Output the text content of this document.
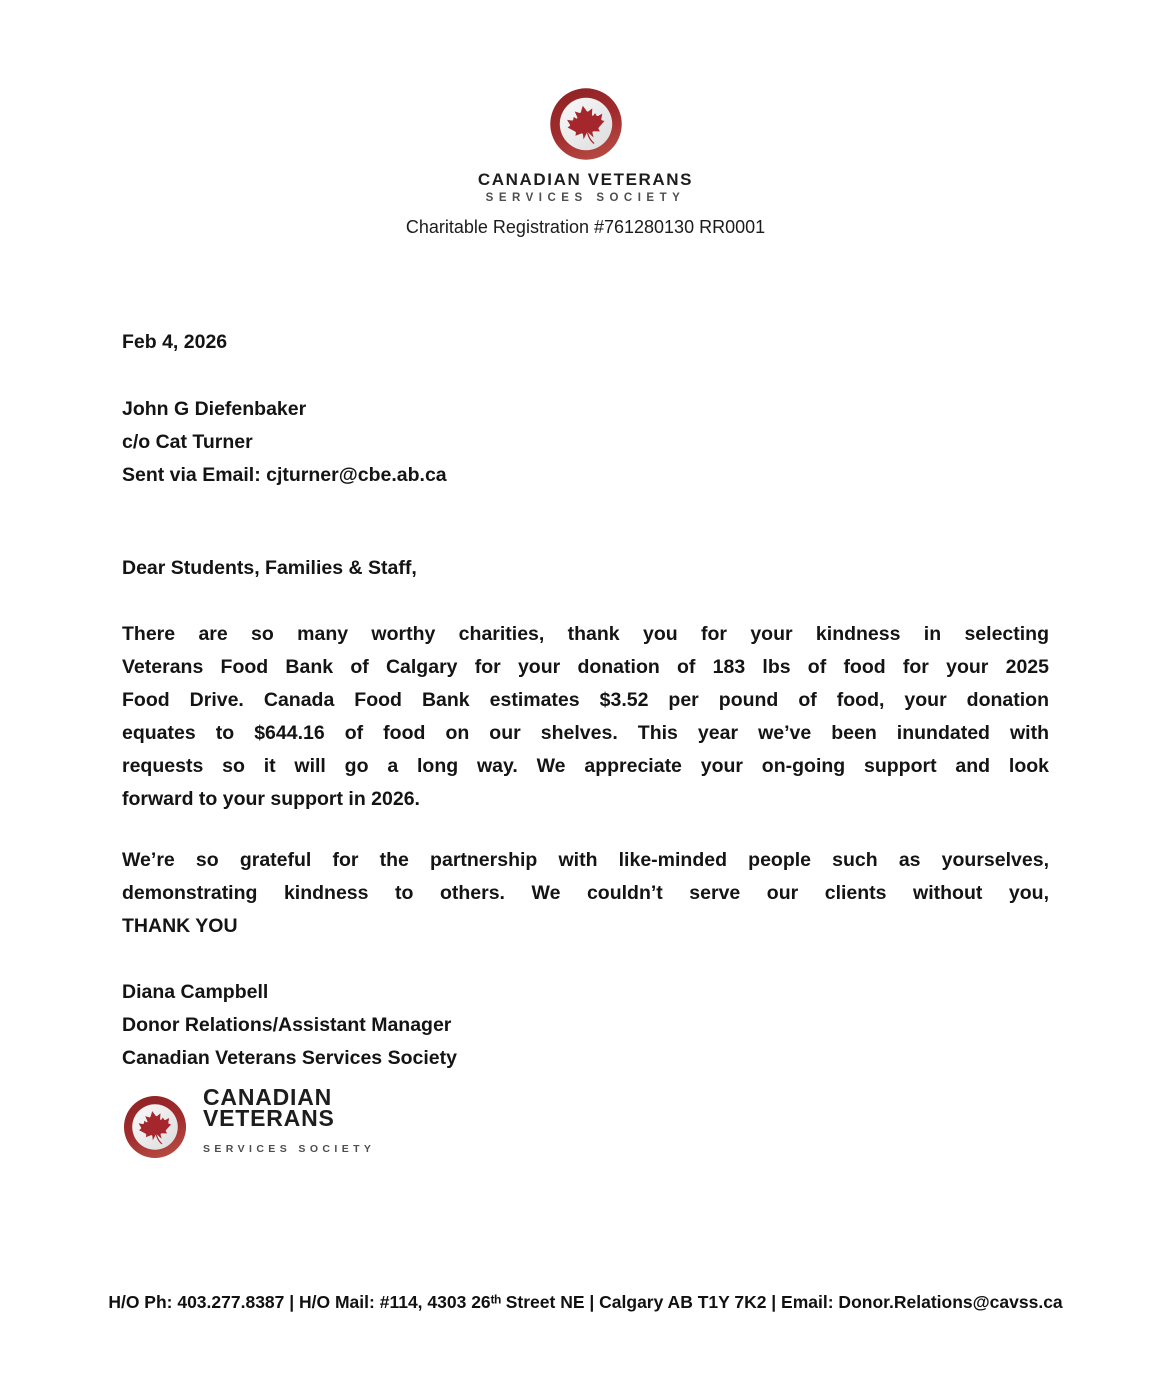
CANADIAN VETERANS
SERVICES SOCIETY
Charitable Registration #761280130 RR0001
Feb 4, 2026
John G Diefenbaker
c/o Cat Turner
Sent via Email: cjturner@cbe.ab.ca
Dear Students, Families & Staff,
There are so many worthy charities, thank you for your kindness in selecting
Veterans Food Bank of Calgary for your donation of 183 lbs of food for your 2025
Food Drive. Canada Food Bank estimates $3.52 per pound of food, your donation
equates to $644.16 of food on our shelves. This year we’ve been inundated with
requests so it will go a long way. We appreciate your on-going support and look
forward to your support in 2026.
We’re so grateful for the partnership with like-minded people such as yourselves,
demonstrating kindness to others. We couldn’t serve our clients without you,
THANK YOU
Diana Campbell
Donor Relations/Assistant Manager
Canadian Veterans Services Society
CANADIAN
VETERANS
SERVICES SOCIETY
H/O Ph: 403.277.8387 | H/O Mail: #114, 4303 26ᵗʰ Street NE | Calgary AB T1Y 7K2 | Email: Donor.Relations@cavss.ca
